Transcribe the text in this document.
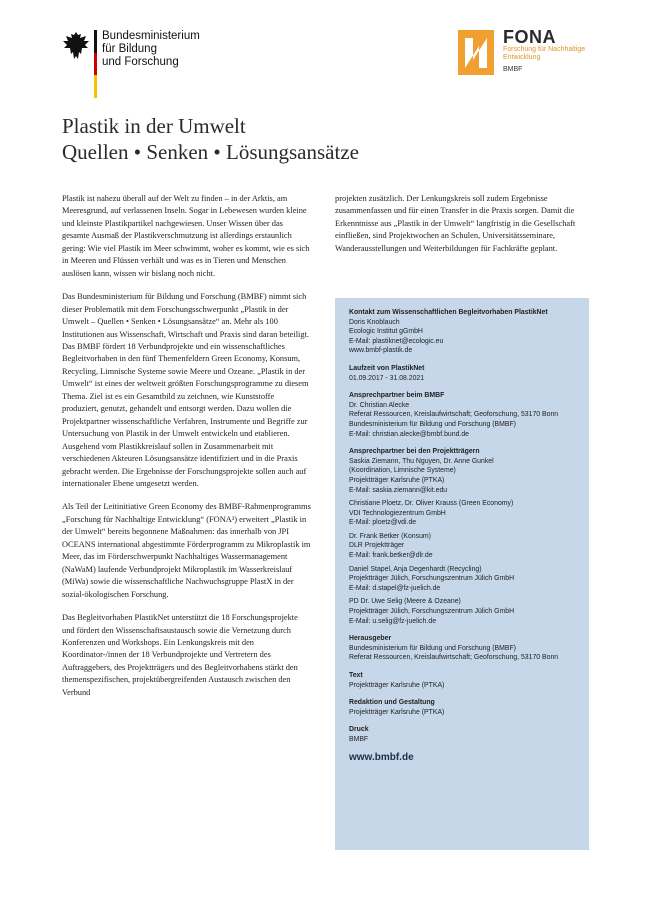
Bundesministerium
für Bildung
und Forschung
FONA
Forschung für Nachhaltige Entwicklung
BMBF
Plastik in der Umwelt
Quellen • Senken • Lösungsansätze

Plastik ist nahezu überall auf der Welt zu finden – in der Arktis, am Meeresgrund, auf verlassenen Inseln. Sogar in Lebewesen wurden kleine und kleinste Plastikpartikel nachgewiesen. Unser Wissen über das gesamte Ausmaß der Plastikverschmutzung ist allerdings erstaunlich gering: Wie viel Plastik im Meer schwimmt, woher es kommt, wie es sich in Meeren und Flüssen verhält und was es in Tieren und Menschen auslösen kann, wissen wir bislang noch nicht.

Das Bundesministerium für Bildung und Forschung (BMBF) nimmt sich dieser Problematik mit dem Forschungsschwerpunkt „Plastik in der Umwelt – Quellen • Senken • Lösungsansätze“ an. Mehr als 100 Institutionen aus Wissenschaft, Wirtschaft und Praxis sind daran beteiligt. Das BMBF fördert 18 Verbundprojekte und ein wissenschaftliches Begleitvorhaben in den fünf Themenfeldern Green Economy, Konsum, Recycling, Limnische Systeme sowie Meere und Ozeane. „Plastik in der Umwelt“ ist eines der weltweit größten Forschungsprogramme zu diesem Thema. Ziel ist es ein Gesamtbild zu zeichnen, wie Kunststoffe produziert, genutzt, gehandelt und entsorgt werden. Dazu wollen die Projektpartner wissenschaftliche Verfahren, Instrumente und Begriffe zur Untersuchung von Plastik in der Umwelt entwickeln und etablieren. Ausgehend vom Plastikkreislauf sollen in Zusammenarbeit mit verschiedenen Akteuren Lösungsansätze identifiziert und in die Praxis gebracht werden. Die Ergebnisse der Forschungsprojekte sollen auch auf internationaler Ebene umgesetzt werden.

Als Teil der Leitinitiative Green Economy des BMBF-Rahmenprogramms „Forschung für Nachhaltige Entwicklung“ (FONA³) erweitert „Plastik in der Umwelt“ bereits begonnene Maßnahmen: das innerhalb von JPI OCEANS international abgestimmte Förderprogramm zu Mikroplastik im Meer, das im Förderschwerpunkt Nachhaltiges Wassermanagement (NaWaM) laufende Verbundprojekt Mikroplastik im Wasserkreislauf (MiWa) sowie die wissenschaftliche Nachwuchsgruppe PlastX in der sozial-ökologischen Forschung.

Das Begleitvorhaben PlastikNet unterstützt die 18 Forschungsprojekte und fördert den Wissenschaftsaustausch sowie die Vernetzung durch Konferenzen und Workshops. Ein Lenkungskreis mit den Koordinator-/innen der 18 Verbundprojekte und Vertretern des Auftraggebers, des Projektträgers und des Begleitvorhabens stärkt den themenspezifischen, projektübergreifenden Austausch zwischen den Verbund

projekten zusätzlich. Der Lenkungskreis soll zudem Ergebnisse zusammenfassen und für einen Transfer in die Praxis sorgen. Damit die Erkenntnisse aus „Plastik in der Umwelt“ langfristig in die Gesellschaft einfließen, sind Projektwochen an Schulen, Universitätsseminare, Wanderausstellungen und Weiterbildungen für Fachkräfte geplant.

Kontakt zum Wissenschaftlichen Begleitvorhaben PlastikNet
Doris Knoblauch
Ecologic Institut gGmbH
E-Mail: plastiknet@ecologic.eu
www.bmbf-plastik.de
Laufzeit von PlastikNet
01.09.2017 - 31.08.2021
Ansprechpartner beim BMBF
Dr. Christian Alecke
Referat Ressourcen, Kreislaufwirtschaft; Geoforschung, 53170 Bonn
Bundesministerium für Bildung und Forschung (BMBF)
E-Mail: christian.alecke@bmbf.bund.de
Ansprechpartner bei den Projektträgern
Saskia Ziemann, Thu Nguyen, Dr. Anne Gunkel
(Koordination, Limnische Systeme)
Projektträger Karlsruhe (PTKA)
E-Mail: saskia.ziemann@kit.edu
Christiane Ploetz, Dr. Oliver Krauss (Green Economy)
VDI Technologiezentrum GmbH
E-Mail: ploetz@vdi.de
Dr. Frank Betker (Konsum)
DLR Projektträger
E-Mail: frank.betker@dlr.de
Daniel Stapel, Anja Degenhardt (Recycling)
Projektträger Jülich, Forschungszentrum Jülich GmbH
E-Mail: d.stapel@fz-juelich.de
PD Dr. Uwe Selig (Meere & Ozeane)
Projektträger Jülich, Forschungszentrum Jülich GmbH
E-Mail: u.selig@fz-juelich.de
Herausgeber
Bundesministerium für Bildung und Forschung (BMBF)
Referat Ressourcen, Kreislaufwirtschaft; Geoforschung, 53170 Bonn
Text
Projektträger Karlsruhe (PTKA)
Redaktion und Gestaltung
Projektträger Karlsruhe (PTKA)
Druck
BMBF
www.bmbf.de
